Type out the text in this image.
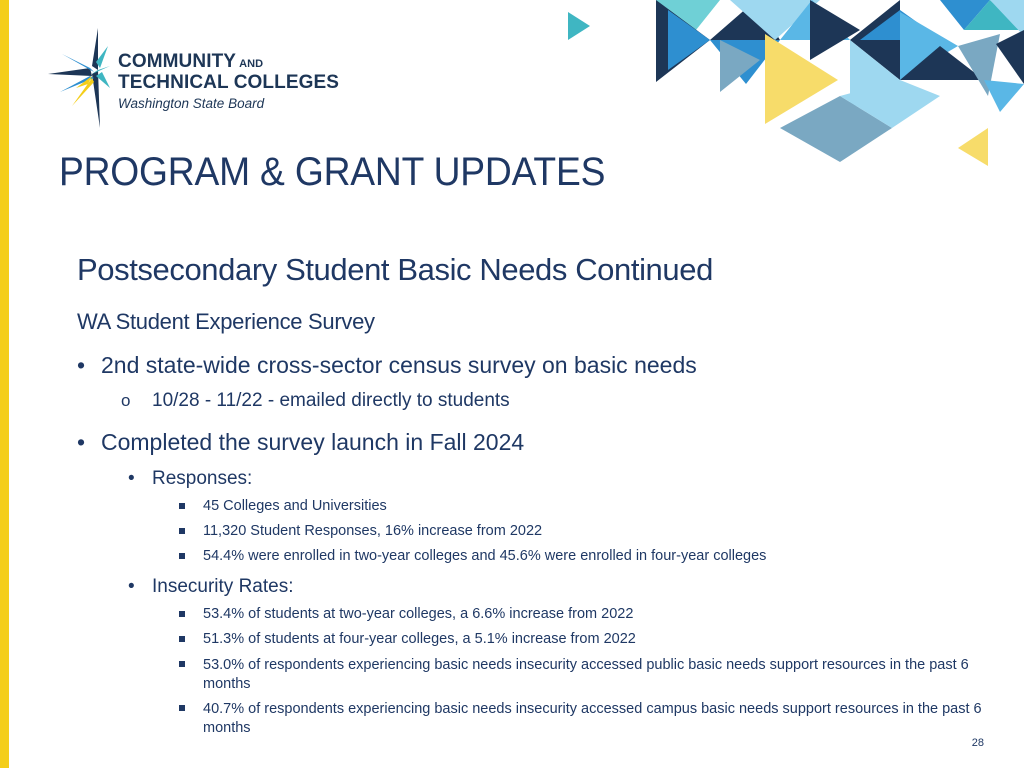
COMMUNITY AND
TECHNICAL COLLEGES
Washington State Board
PROGRAM & GRANT UPDATES
Postsecondary Student Basic Needs Continued
WA Student Experience Survey
• 2nd state-wide cross-sector census survey on basic needs
o 10/28 - 11/22 - emailed directly to students
• Completed the survey launch in Fall 2024
• Responses:
45 Colleges and Universities
11,320 Student Responses, 16% increase from 2022
54.4% were enrolled in two-year colleges and 45.6% were enrolled in four-year colleges
• Insecurity Rates:
53.4% of students at two-year colleges, a 6.6% increase from 2022
51.3% of students at four-year colleges, a 5.1% increase from 2022
53.0% of respondents experiencing basic needs insecurity accessed public basic needs support resources in the past 6 months
40.7% of respondents experiencing basic needs insecurity accessed campus basic needs support resources in the past 6 months
28
